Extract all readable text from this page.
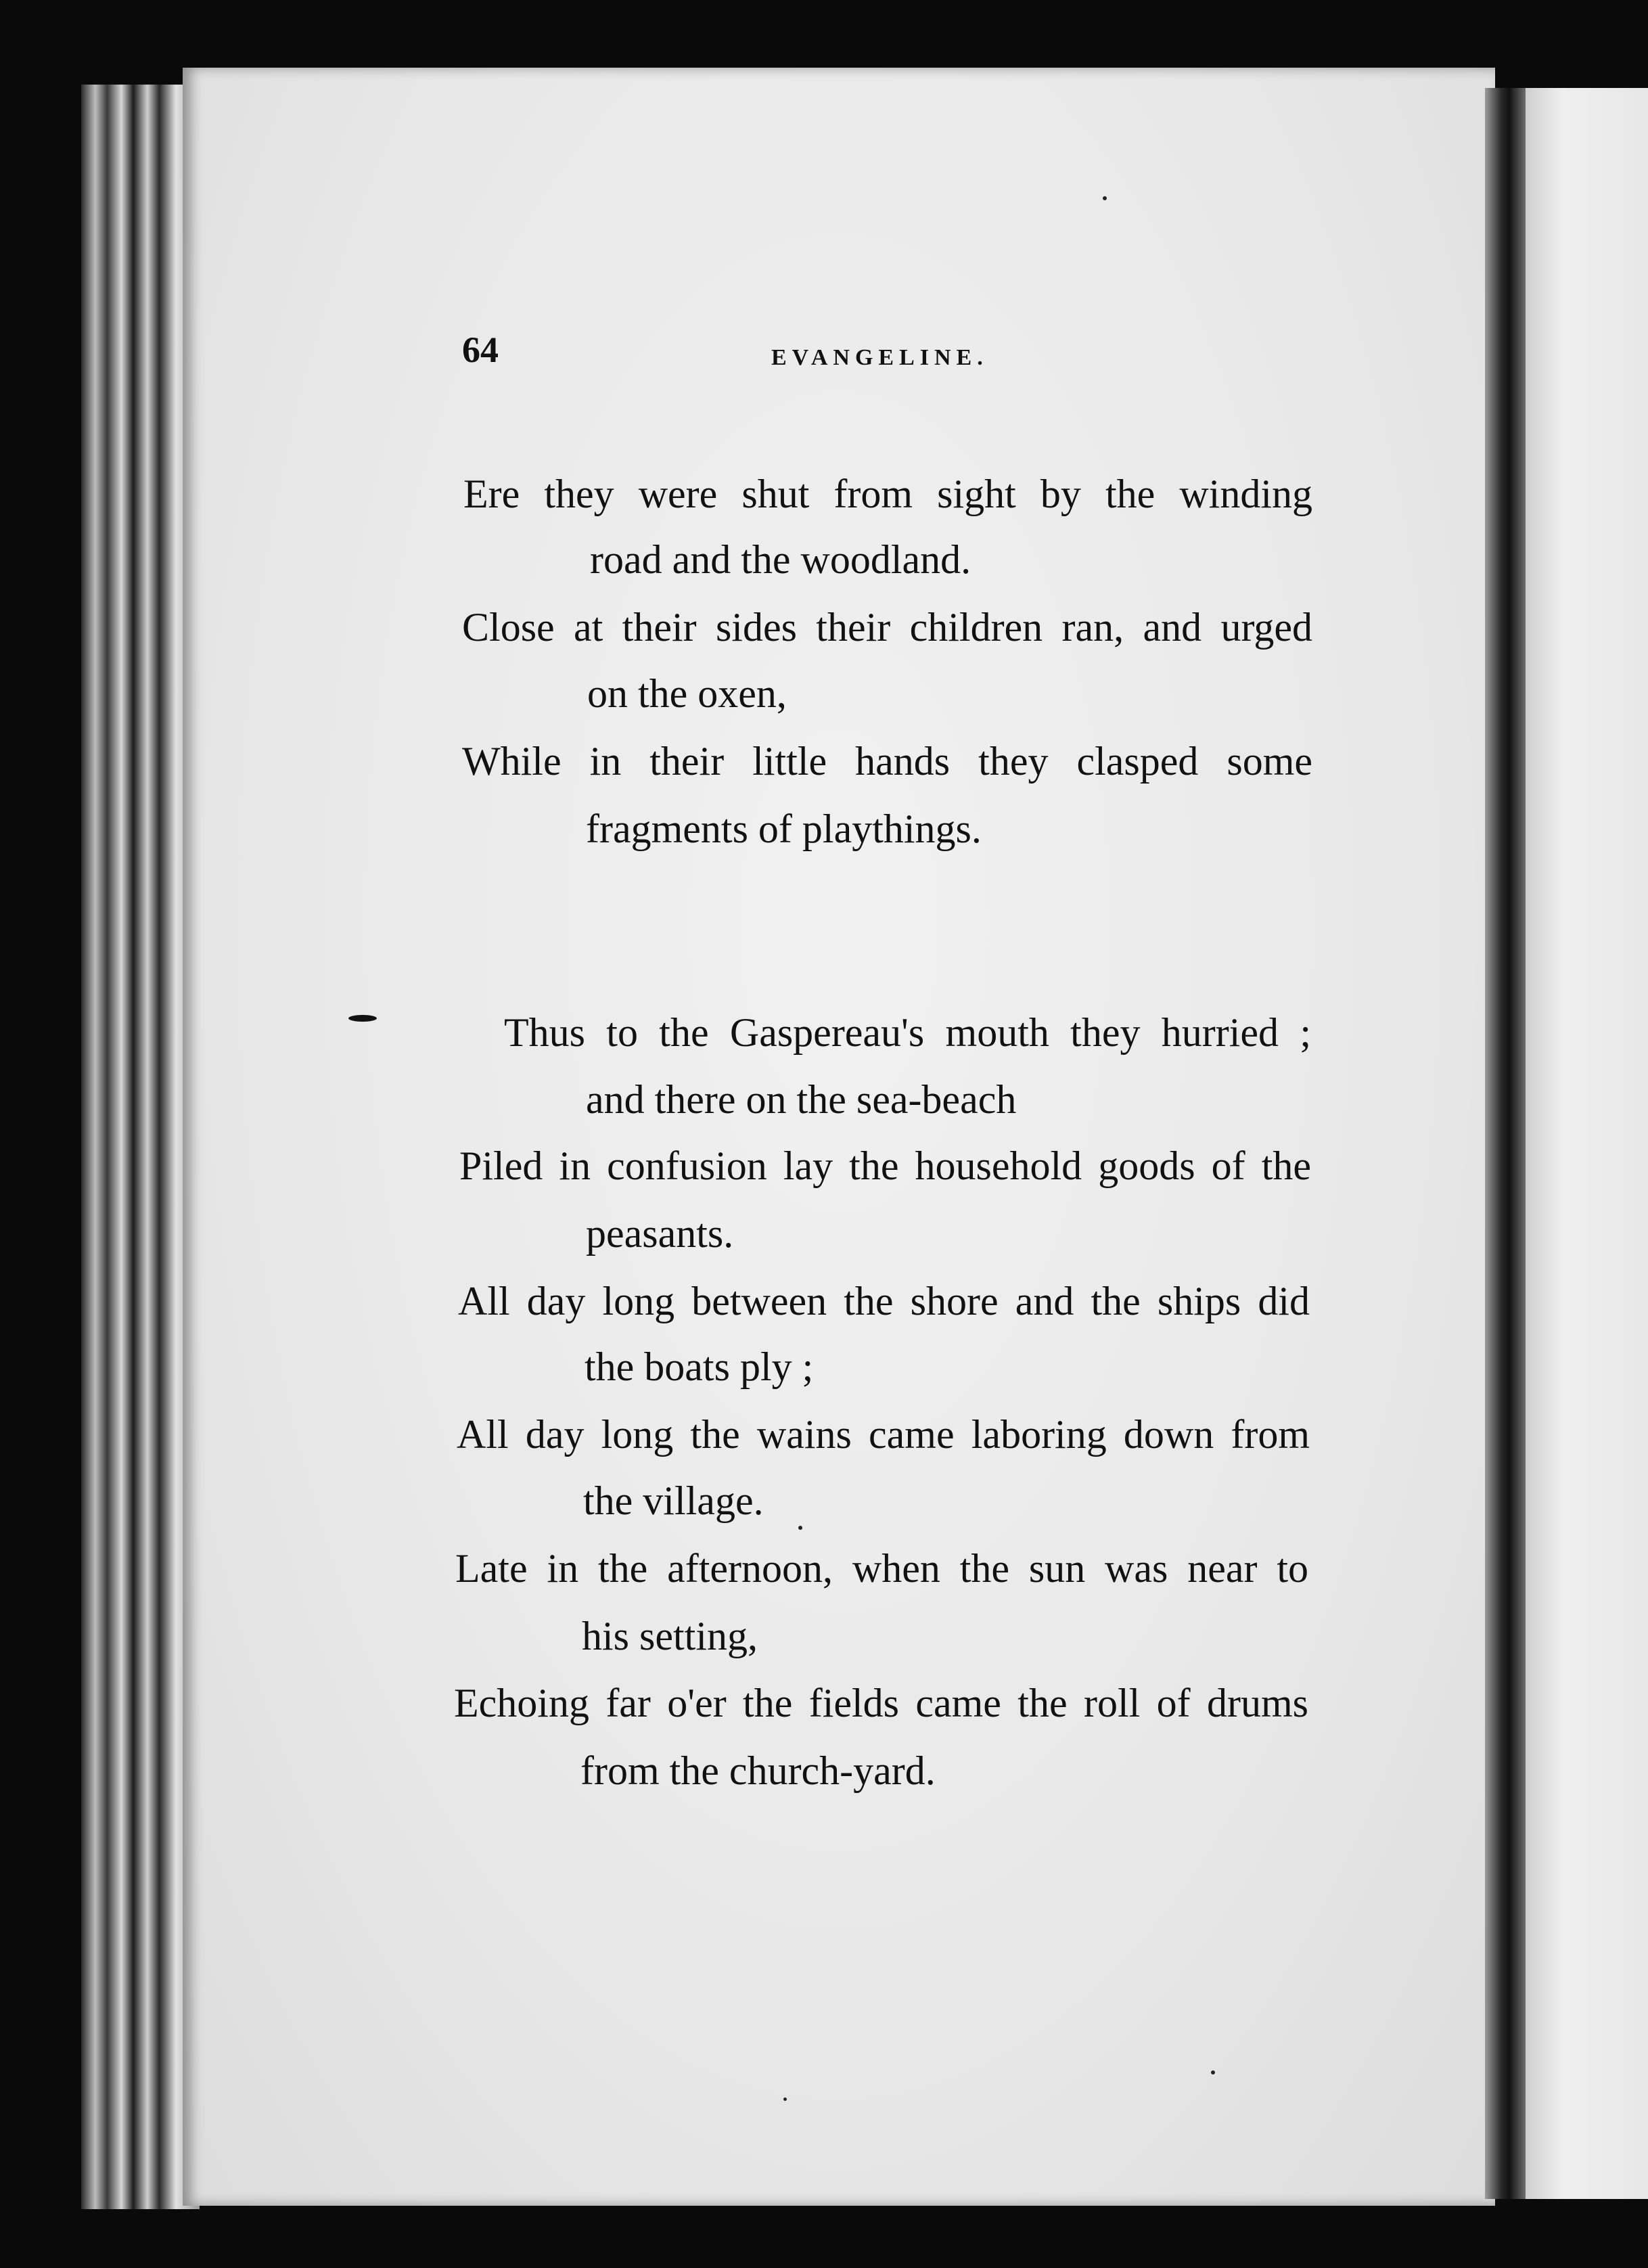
64	EVANGELINE.

Ere they were shut from sight by the winding

road and the woodland.

Close at their sides their children ran, and urged

on the oxen,

While in their little hands they clasped some

fragments of playthings.

Thus to the Gaspereau's mouth they hurried ;

and there on the sea-beach

Piled in confusion lay the household goods of the

peasants.

All day long between the shore and the ships did

the boats ply ;

All day long the wains came laboring down from

the village.

Late in the afternoon, when the sun was near to

his setting,

Echoing far o'er the fields came the roll of drums

from the church-yard.
